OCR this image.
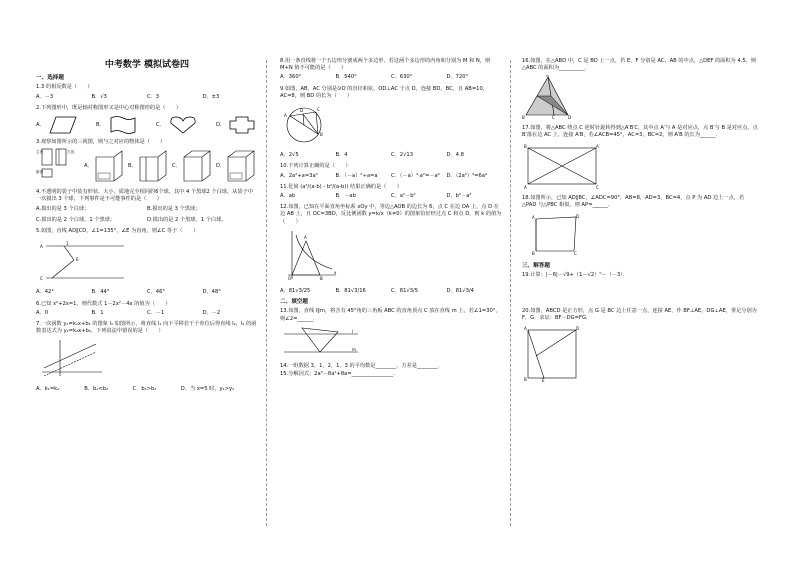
中考数学 模拟试卷四
一、选择题
1.3 的相反数是（　　）
A．－3	B．√3	C．3	D．±3
2.下列图形中，既是轴对称图形又是中心对称图形的是（　　）
A．	B．	C．	D．
3.观察如图所示的三视图，则与之对应的物体是（　　）
主视	左视
俯视
A．	B．	C．	D．
4.不透明的袋子中装有形状、大小、质地完全相同的6个球，其中 4 个黑球2 个白球，从袋子中一次摸出 3 个球，下列事件是不可能事件的是（　　）
A.摸出的是 3 个白球；	B.摸出的是 3 个黑球；
C.摸出的是 2 个白球、1 个黑球；	D.摸出的是 2 个黑球、1 个白球。
5.如图，直线 AD∥CD，∠1=135°，∠E 为直角，则∠C 等于（　　）
A
1
E
C
A．42°	B．44°	C．46°	D．48°
6.已知 x²+2x=1，则代数式 1－2x²－4x 的值为（　　）
A．0	B．1	C．－1	D．－2
7.一次函数 y₁=k₁x+b₁ 的图象 l₁ 如图所示，将直线 l₁ 向下平移若干个单位后得直线 l₂，l₂ 的函数表达式为 y₂=k₂x+b₂，下列说法中错误的是（　　）
A．k₁=k₂	B．b₁<b₂	C．b₁>b₂	D．当 x=5 时，y₁>y₂
8.用一条直线将一个五边形分割成两个多边形，若这两个多边形的内角和分别为 M 和 N，则 M+N 值不可能的是（　　）
A．360°	B．540°	C．630°	D．720°
9.如图，AB，AC 分别是⊙O 的直径和弦，OD⊥AC 于点 D，连接 BD，BC，且 AB=10，AC=8，则 BD 的长为（　　）
A
B
C
D
A．2√5	B．4	C．2√13	D．4.8
10.下列计算正确的是（　　）
A．2a²+a=3a³	B．（－a）²÷a=a	C．（－a）³·a²=－a⁶	D．（2a²）³=6a⁶
11.化简 (a²/(a-b) - b²/(a-b)) 结果正确的是（　　）
A．ab	B．－ab	C．a²－b²	D．b²－a²
12.如图，已知在平面直角坐标系 xOy 中，等边△AOB 的边长为 6，点 C 在边 OA 上，点 D 在边 AB 上，且 OC=3BD，反比例函数 y=k/x（k≠0）的图象恰好经过点 C 和点 D，则 k 的值为（　　）
A
O	B
x
A．81√3/25	B．81√3/16	C．81√3/5	D．81√3/4
二、填空题
13.如图，直线 l∥m，将含有 45°角的三角板 ABC 的直角顶点 C 放在直线 m 上，若∠1=30°，则∠2=______．
l
m
14.一组数据 3，1，2，1，3 的平均数是________，方差是________．
15.分解因式：2a³－8a²+8a=________________．
16.如图，在△ABD 中，C 是 BD 上一点，若 E，F 分别是 AC，AB 的中点，△DEF 的面积为 4.5，则△ABC 的面积为__________．
A
B	C	D
17.如图，将△ABC 绕点 C 逆时针旋转得到△A′B′C，其中点 A′与 A 是对应点，点 B′与 B 是对应点，点 B′落在边 AC 上，连接 A′B，若∠ACB=45°，AC=3，BC=2，则 A′B 的长为______．
B	A′
A	C
18.如图所示，已知 AD∥BC，∠ADC=90°，AB=8，AD=3，BC=4，点 P 为 AD 边上一点，若△PAD 与△PBC 相似，则 AP=______．
A
B	C
D
三、解答题
19.计算：|－6|－√9+（1－√2）⁰－（－3）．
20.如图，ABCD 是正方形，点 G 是 BC 边上任意一点，连接 AE，作 BF⊥AE，DG⊥AE，垂足分别为 F，G．求证：BF－DG=FG．
A	D
B	E
